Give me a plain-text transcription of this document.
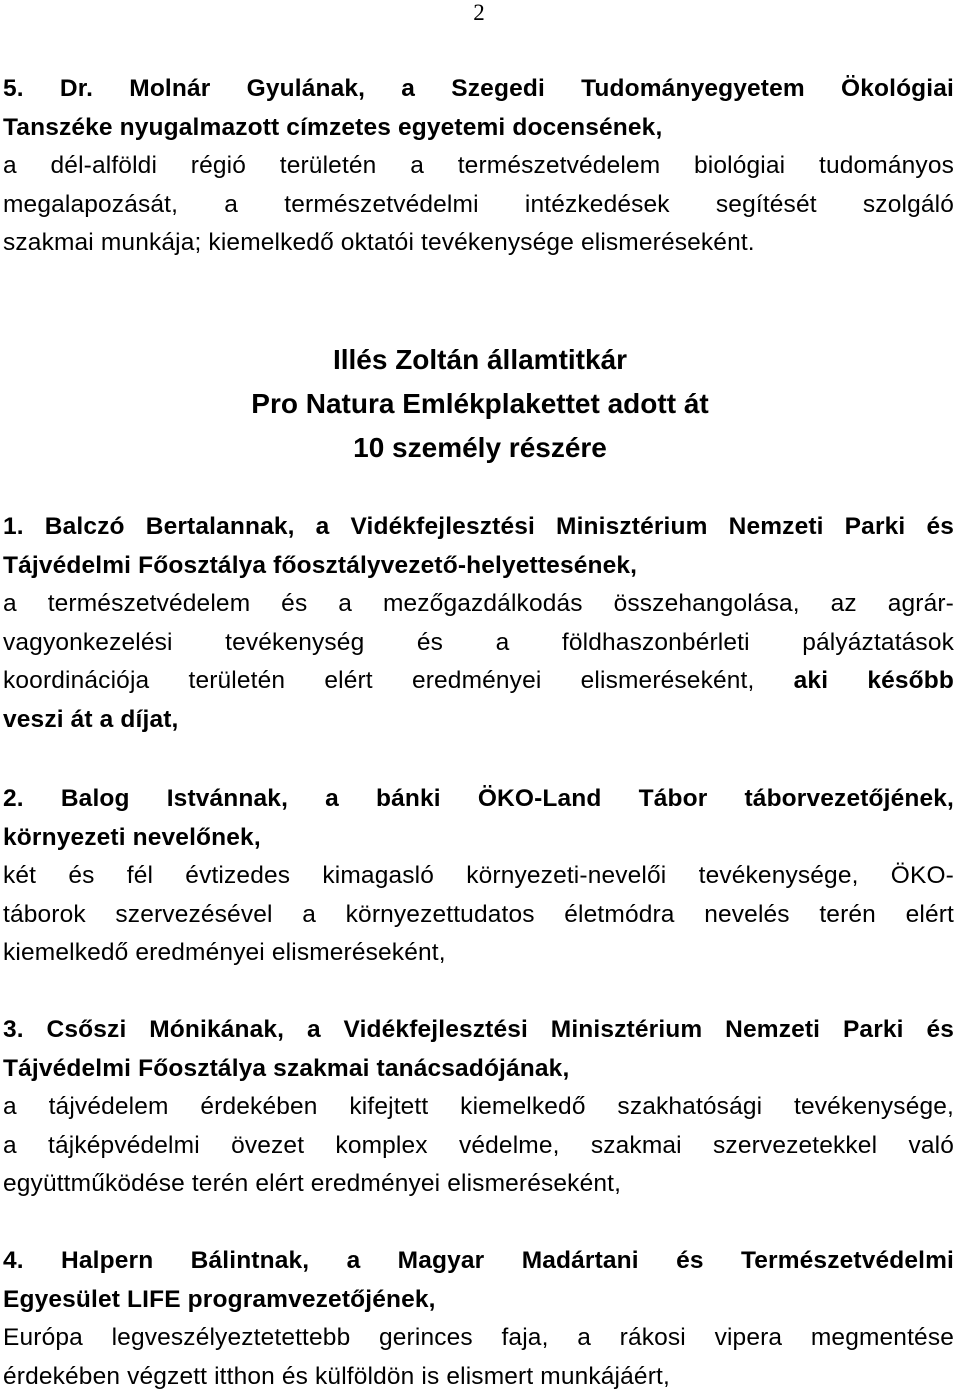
2
5. Dr. Molnár Gyulának, a Szegedi Tudományegyetem Ökológiai
Tanszéke nyugalmazott címzetes egyetemi docensének,
a dél-alföldi régió területén a természetvédelem biológiai tudományos
megalapozását, a természetvédelmi intézkedések segítését szolgáló
szakmai munkája; kiemelkedő oktatói tevékenysége elismeréseként.
Illés Zoltán államtitkár
Pro Natura Emlékplakettet adott át
10 személy részére
1. Balczó Bertalannak, a Vidékfejlesztési Minisztérium Nemzeti Parki és
Tájvédelmi Főosztálya főosztályvezető-helyettesének,
a természetvédelem és a mezőgazdálkodás összehangolása, az agrár-
vagyonkezelési tevékenység és a földhaszonbérleti pályáztatások
koordinációja területén elért eredményei elismeréseként, aki később
veszi át a díjat,
2. Balog Istvánnak, a bánki ÖKO-Land Tábor táborvezetőjének,
környezeti nevelőnek,
két és fél évtizedes kimagasló környezeti-nevelői tevékenysége, ÖKO-
táborok szervezésével a környezettudatos életmódra nevelés terén elért
kiemelkedő eredményei elismeréseként,
3. Csőszi Mónikának, a Vidékfejlesztési Minisztérium Nemzeti Parki és
Tájvédelmi Főosztálya szakmai tanácsadójának,
a tájvédelem érdekében kifejtett kiemelkedő szakhatósági tevékenysége,
a tájképvédelmi övezet komplex védelme, szakmai szervezetekkel való
együttműködése terén elért eredményei elismeréseként,
4. Halpern Bálintnak, a Magyar Madártani és Természetvédelmi
Egyesület LIFE programvezetőjének,
Európa legveszélyeztetettebb gerinces faja, a rákosi vipera megmentése
érdekében végzett itthon és külföldön is elismert munkájáért,
